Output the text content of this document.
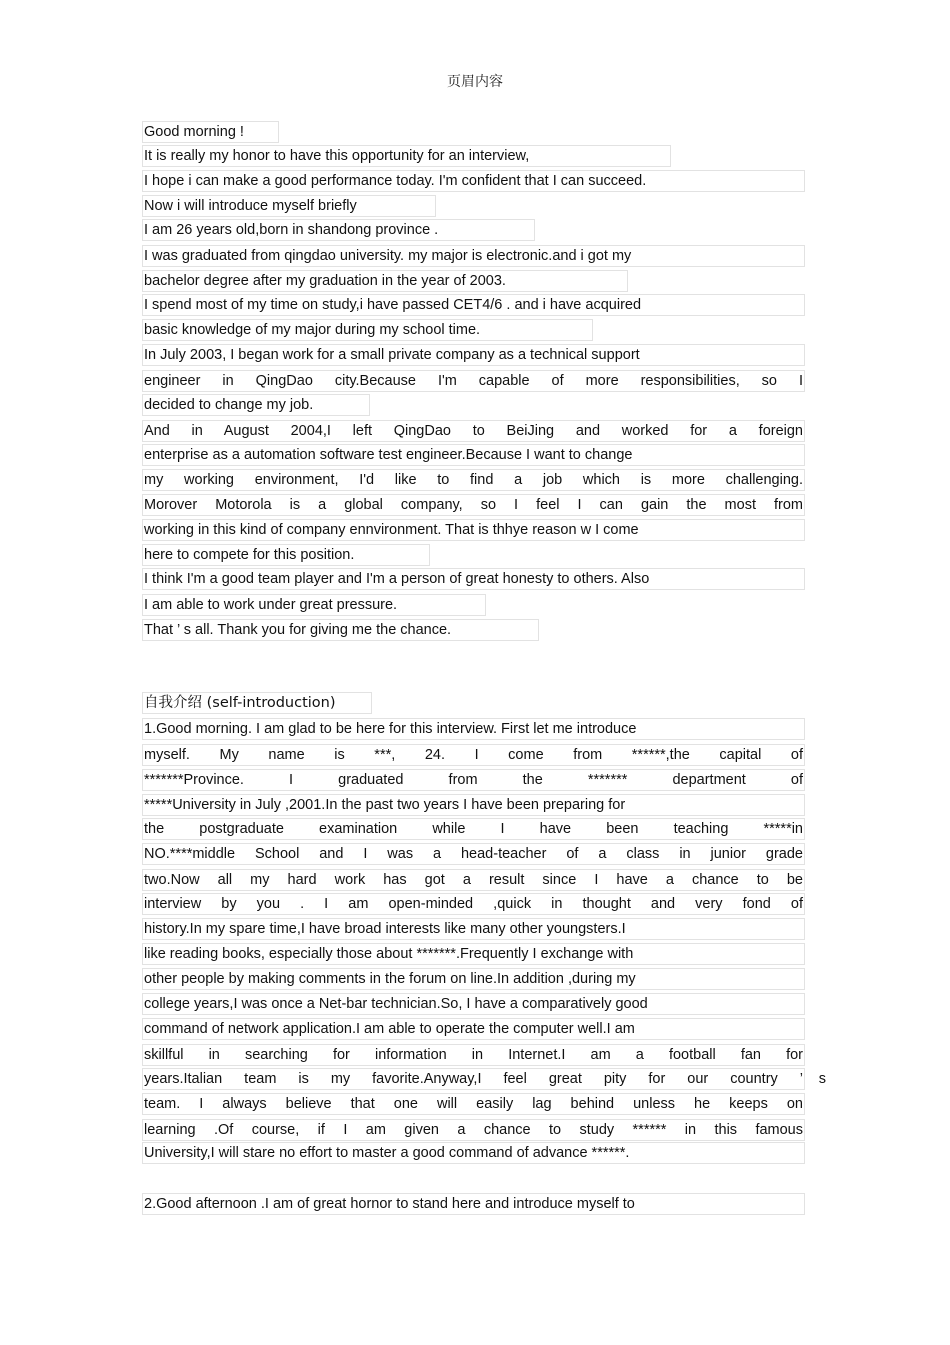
页眉内容
Good morning !
It is really my honor to have this opportunity for an interview,
I hope i can make a good performance today. I'm confident that I can succeed.
Now i will introduce myself briefly
I am 26 years old,born in shandong province .
I was graduated from qingdao university. my major is electronic.and i got my
bachelor degree after my graduation in the year of 2003.
I spend most of my time on study,i have passed CET4/6 . and i have acquired
basic knowledge of my major during my school time.
In July 2003, I began work for a small private company as a technical support
engineer in QingDao city.Because I'm capable of more responsibilities, so I
decided to change my job.
And in August 2004,I left QingDao to BeiJing and worked for a foreign
enterprise as a automation software test engineer.Because I want to change
my working environment, I'd like to find a job which is more challenging.
Morover Motorola is a global company, so I feel I can gain the most from
working in this kind of company ennvironment. That is thhye reason w I come
here to compete for this position.
I think I'm a good team player and I'm a person of great honesty to others. Also
I am able to work under great pressure.
That ’ s all. Thank you for giving me the chance.
自我介绍 (self-introduction)
1.Good morning. I am glad to be here for this interview. First let me introduce
myself. My name is ***, 24. I come from ******,the capital of
*******Province. I graduated from the ******* department of
*****University in July ,2001.In the past two years I have been preparing for
the postgraduate examination while I have been teaching *****in
NO.****middle School and I was a head-teacher of a class in junior grade
two.Now all my hard work has got a result since I have a chance to be
interview by you . I am open-minded ,quick in thought and very fond of
history.In my spare time,I have broad interests like many other youngsters.I
like reading books, especially those about *******.Frequently I exchange with
other people by making comments in the forum on line.In addition ,during my
college years,I was once a Net-bar technician.So, I have a comparatively good
command of network application.I am able to operate the computer well.I am
skillful in searching for information in Internet.I am a football fan for
years.Italian team is my favorite.Anyway,I feel great pity for our country ’ s
team. I always believe that one will easily lag behind unless he keeps on
learning .Of course, if I am given a chance to study ****** in this famous
University,I will stare no effort to master a good command of advance ******.
2.Good afternoon .I am of great hornor to stand here and introduce myself to
